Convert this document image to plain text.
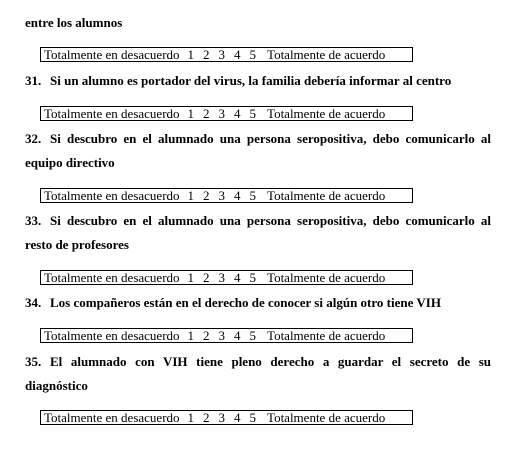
entre los alumnos
Totalmente en desacuerdo 1 2 3 4 5 Totalmente de acuerdo
31. Si un alumno es portador del virus, la familia debería informar al centro
Totalmente en desacuerdo 1 2 3 4 5 Totalmente de acuerdo
32. Si descubro en el alumnado una persona seropositiva, debo comunicarlo al
equipo directivo
Totalmente en desacuerdo 1 2 3 4 5 Totalmente de acuerdo
33. Si descubro en el alumnado una persona seropositiva, debo comunicarlo al
resto de profesores
Totalmente en desacuerdo 1 2 3 4 5 Totalmente de acuerdo
34. Los compañeros están en el derecho de conocer si algún otro tiene VIH
Totalmente en desacuerdo 1 2 3 4 5 Totalmente de acuerdo
35. El alumnado con VIH tiene pleno derecho a guardar el secreto de su
diagnóstico
Totalmente en desacuerdo 1 2 3 4 5 Totalmente de acuerdo
